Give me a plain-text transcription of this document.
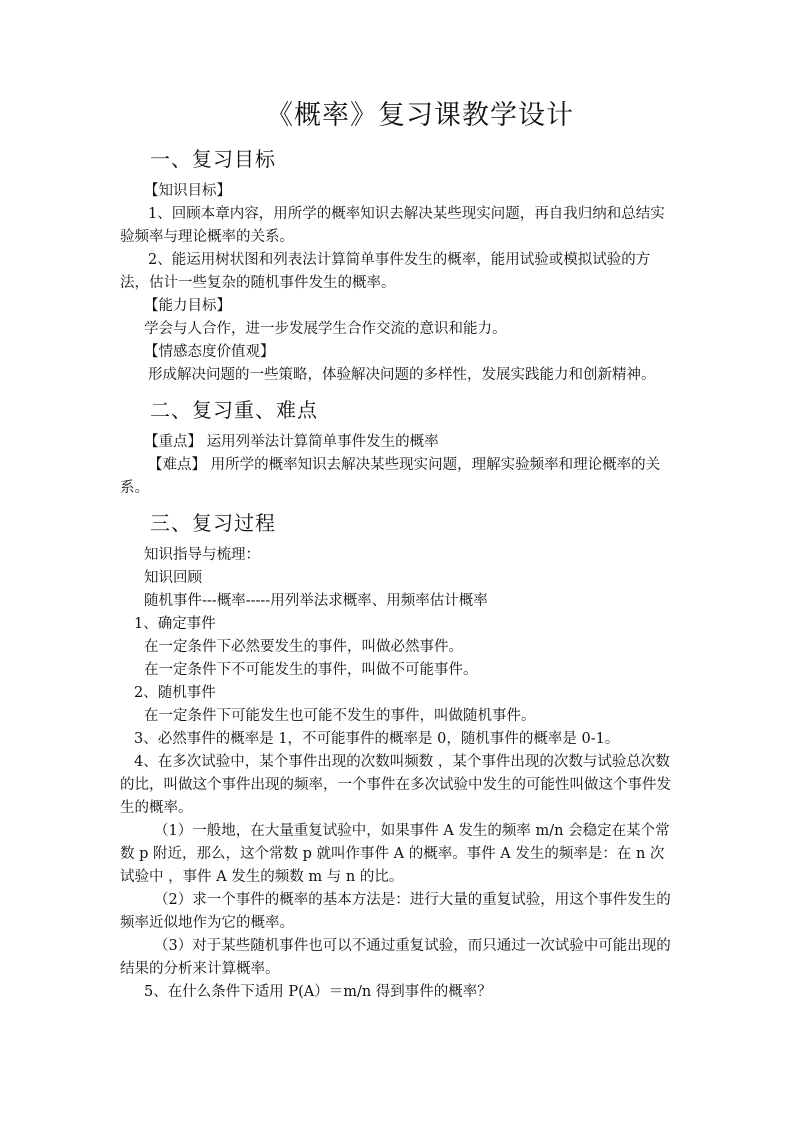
《概率》复习课教学设计
一、复习目标
【知识目标】
1、回顾本章内容，用所学的概率知识去解决某些现实问题，再自我归纳和总结实验频率与理论概率的关系。
2、能运用树状图和列表法计算简单事件发生的概率，能用试验或模拟试验的方法，估计一些复杂的随机事件发生的概率。
【能力目标】
学会与人合作，进一步发展学生合作交流的意识和能力。
【情感态度价值观】
形成解决问题的一些策略，体验解决问题的多样性，发展实践能力和创新精神。
二、复习重、难点
【重点】 运用列举法计算简单事件发生的概率
【难点】 用所学的概率知识去解决某些现实问题，理解实验频率和理论概率的关系。
三、复习过程
知识指导与梳理：
知识回顾
随机事件---概率-----用列举法求概率、用频率估计概率
1、确定事件
在一定条件下必然要发生的事件，叫做必然事件。
在一定条件下不可能发生的事件，叫做不可能事件。
2、随机事件
在一定条件下可能发生也可能不发生的事件，叫做随机事件。
3、必然事件的概率是 1，不可能事件的概率是 0，随机事件的概率是 0-1。
4、在多次试验中，某个事件出现的次数叫频数 ，某个事件出现的次数与试验总次数的比，叫做这个事件出现的频率，一个事件在多次试验中发生的可能性叫做这个事件发生的概率。
（1）一般地，在大量重复试验中，如果事件 A 发生的频率 m/n 会稳定在某个常数 p 附近，那么，这个常数 p 就叫作事件 A 的概率。事件 A 发生的频率是：在 n 次试验中 ，事件 A 发生的频数 m 与 n 的比。
（2）求一个事件的概率的基本方法是：进行大量的重复试验，用这个事件发生的频率近似地作为它的概率。
（3）对于某些随机事件也可以不通过重复试验，而只通过一次试验中可能出现的结果的分析来计算概率。
5、在什么条件下适用 P(A）＝m/n 得到事件的概率？
